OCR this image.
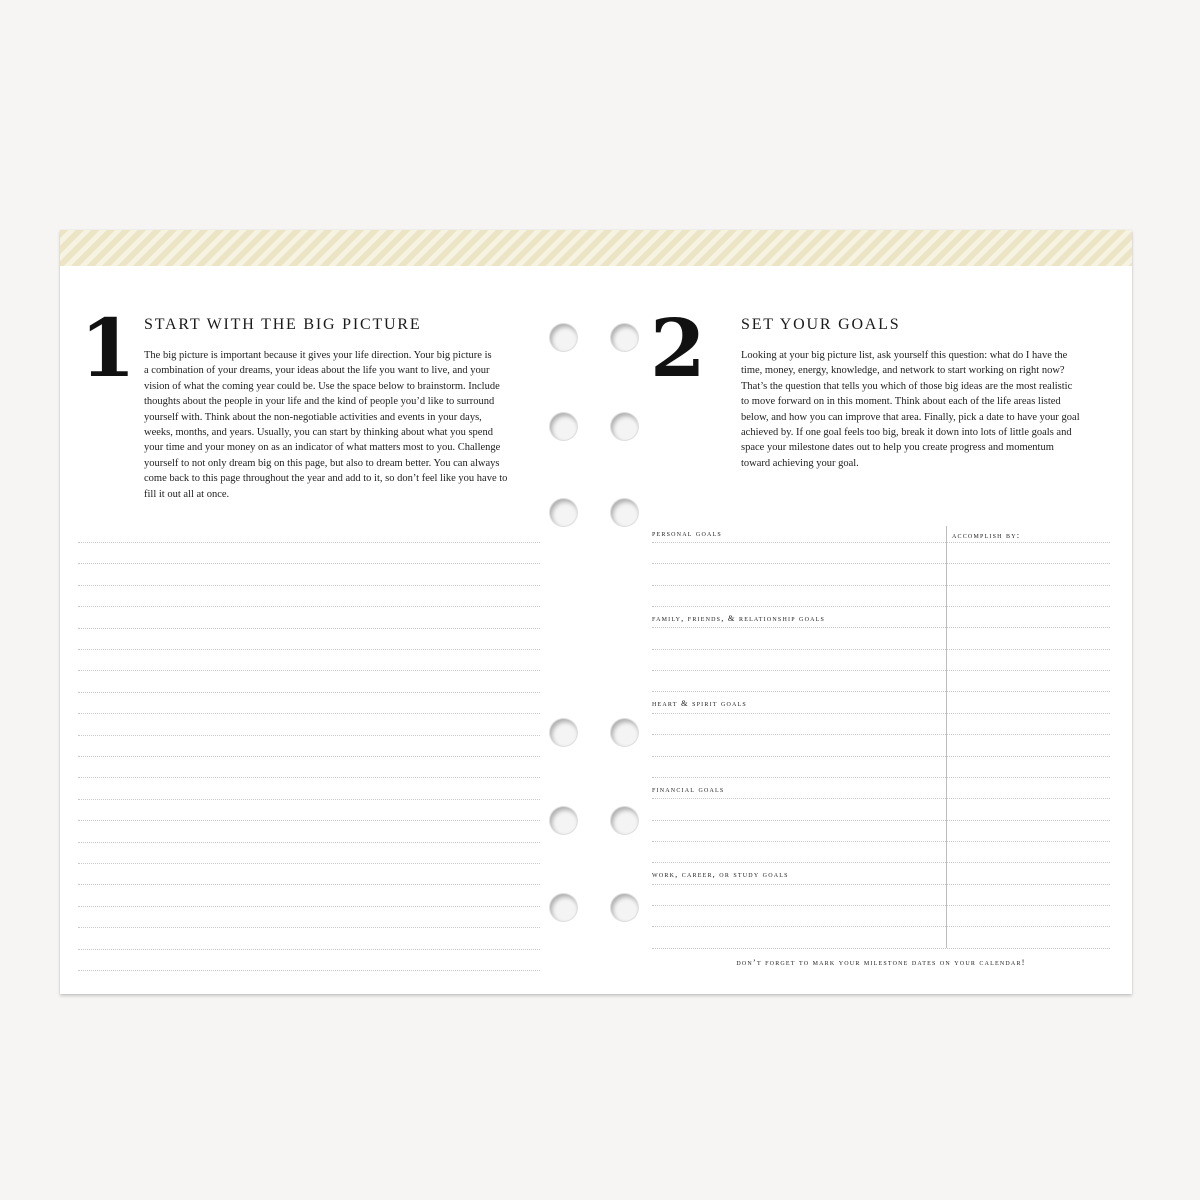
1 START WITH THE BIG PICTURE
The big picture is important because it gives your life direction. Your big picture is
a combination of your dreams, your ideas about the life you want to live, and your
vision of what the coming year could be. Use the space below to brainstorm. Include
thoughts about the people in your life and the kind of people you’d like to surround
yourself with. Think about the non-negotiable activities and events in your days,
weeks, months, and years. Usually, you can start by thinking about what you spend
your time and your money on as an indicator of what matters most to you. Challenge
yourself to not only dream big on this page, but also to dream better. You can always
come back to this page throughout the year and add to it, so don’t feel like you have to
fill it out all at once.
2 SET YOUR GOALS
Looking at your big picture list, ask yourself this question: what do I have the
time, money, energy, knowledge, and network to start working on right now?
That’s the question that tells you which of those big ideas are the most realistic
to move forward on in this moment. Think about each of the life areas listed
below, and how you can improve that area. Finally, pick a date to have your goal
achieved by. If one goal feels too big, break it down into lots of little goals and
space your milestone dates out to help you create progress and momentum
toward achieving your goal.
accomplish by:
personal goals
family, friends, & relationship goals
heart & spirit goals
financial goals
work, career, or study goals
don’t forget to mark your milestone dates on your calendar!
